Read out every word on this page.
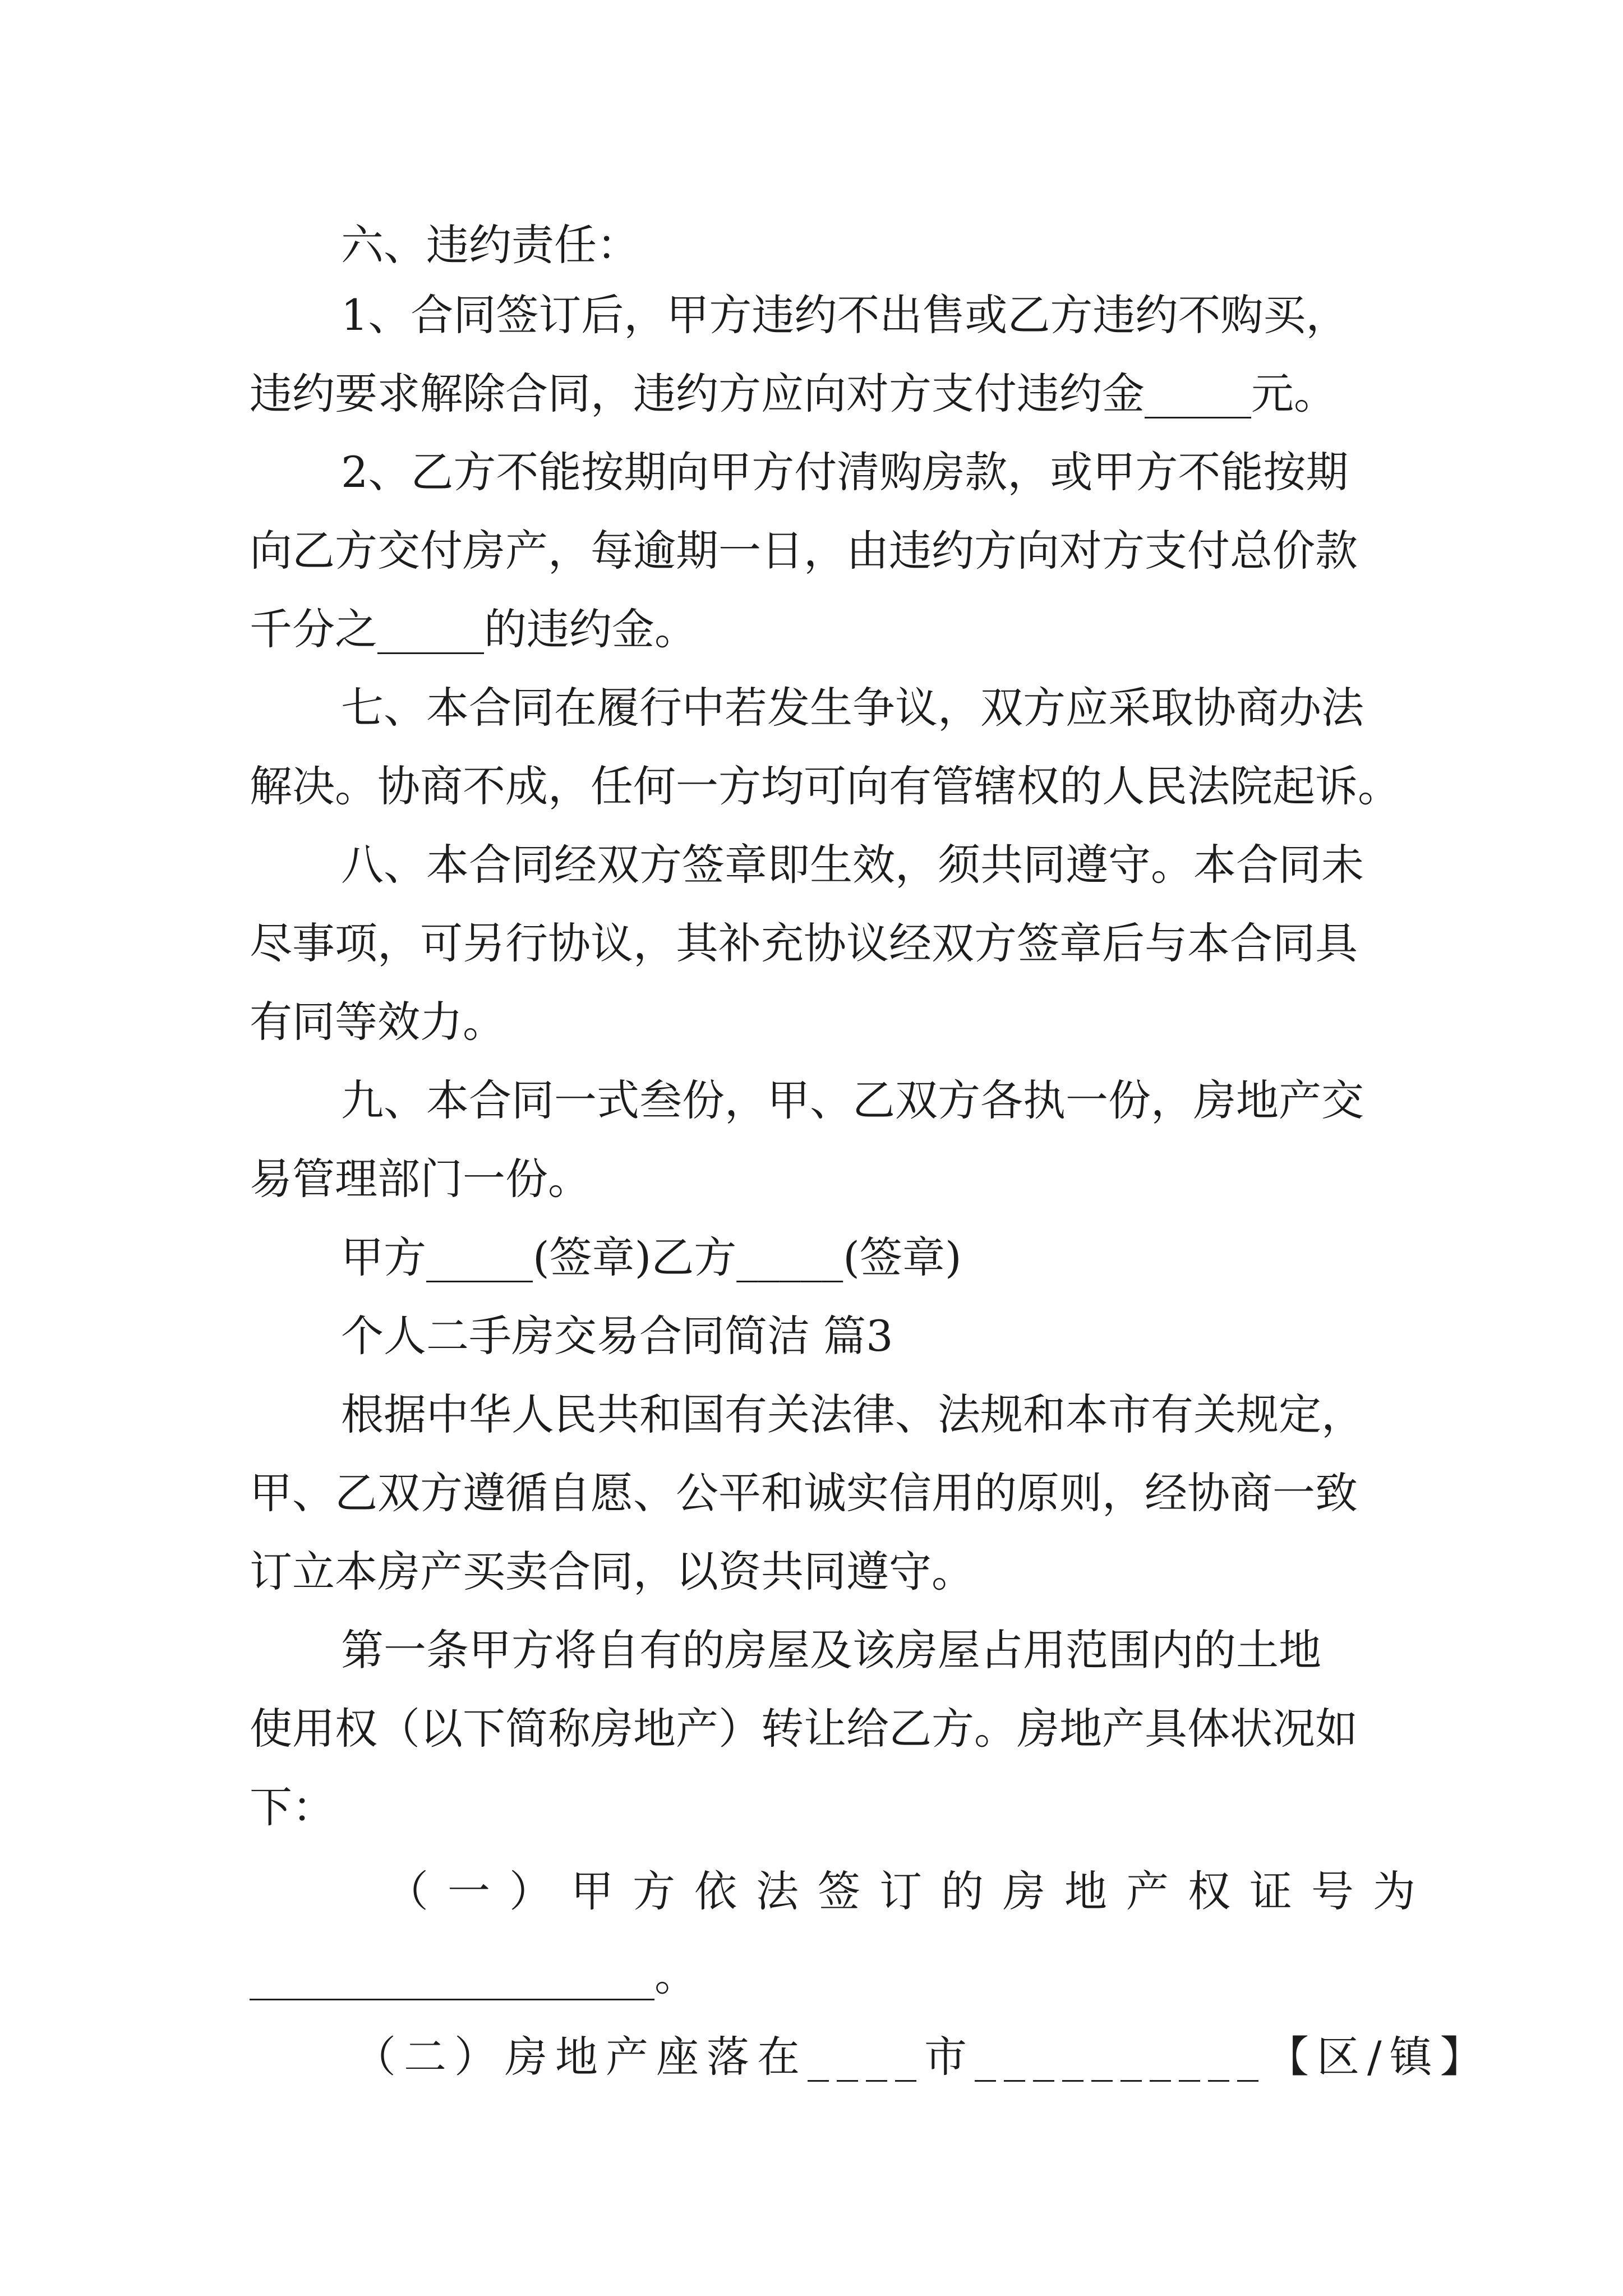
六、违约责任：
1、合同签订后，甲方违约不出售或乙方违约不购买，
违约要求解除合同，违约方应向对方支付违约金_____元。
2、乙方不能按期向甲方付清购房款，或甲方不能按期
向乙方交付房产，每逾期一日，由违约方向对方支付总价款
千分之_____的违约金。
七、本合同在履行中若发生争议，双方应采取协商办法
解决。协商不成，任何一方均可向有管辖权的人民法院起诉。
八、本合同经双方签章即生效，须共同遵守。本合同未
尽事项，可另行协议，其补充协议经双方签章后与本合同具
有同等效力。
九、本合同一式叁份，甲、乙双方各执一份，房地产交
易管理部门一份。
甲方_____(签章)乙方_____(签章)
个人二手房交易合同简洁 篇3
根据中华人民共和国有关法律、法规和本市有关规定，
甲、乙双方遵循自愿、公平和诚实信用的原则，经协商一致
订立本房产买卖合同，以资共同遵守。
第一条甲方将自有的房屋及该房屋占用范围内的土地
使用权（以下简称房地产）转让给乙方。房地产具体状况如
下：
（一）甲方依法签订的房地产权证号为
___________________。
（二）房地产座落在____市__________【区/镇】
